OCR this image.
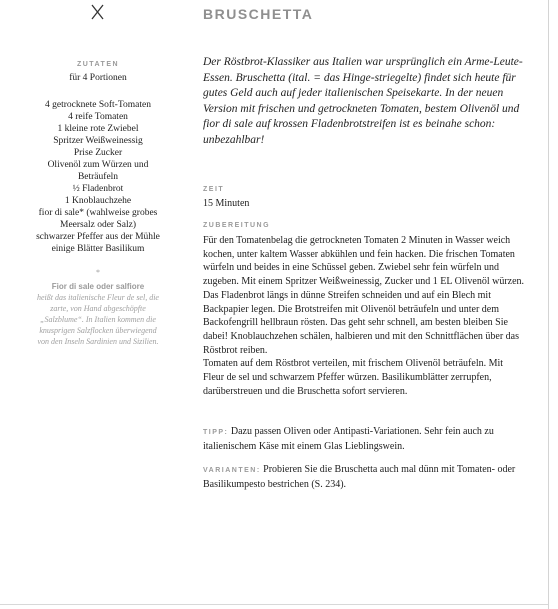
BRUSCHETTA
ZUTATEN
für 4 Portionen
4 getrocknete Soft-Tomaten
4 reife Tomaten
1 kleine rote Zwiebel
Spritzer Weißweinessig
Prise Zucker
Olivenöl zum Würzen und Beträufeln
½ Fladenbrot
1 Knoblauchzehe
fior di sale* (wahlweise grobes Meersalz oder Salz)
schwarzer Pfeffer aus der Mühle
einige Blätter Basilikum
*
Fior di sale oder salfiore
heißt das italienische Fleur de sel, die zarte, von Hand abgeschöpfte „Salzblume“. In Italien kommen die knusprigen Salzflocken überwiegend von den Inseln Sardinien und Sizilien.

Der Röstbrot-Klassiker aus Italien war ursprünglich ein Arme-Leute-Essen. Bruschetta (ital. = das Hinge-striegelte) findet sich heute für gutes Geld auch auf jeder italienischen Speisekarte. In der neuen Version mit frischen und getrockneten Tomaten, bestem Olivenöl und fior di sale auf krossen Fladenbrotstreifen ist es beinahe schon: unbezahlbar!

ZEIT
15 Minuten
ZUBEREITUNG

Für den Tomatenbelag die getrockneten Tomaten 2 Minuten in Wasser weich kochen, unter kaltem Wasser abkühlen und fein hacken. Die frischen Tomaten würfeln und beides in eine Schüssel geben. Zwiebel sehr fein würfeln und zugeben. Mit einem Spritzer Weißweinessig, Zucker und 1 EL Olivenöl würzen.

Das Fladenbrot längs in dünne Streifen schneiden und auf ein Blech mit Backpapier legen. Die Brotstreifen mit Olivenöl beträufeln und unter dem Backofengrill hellbraun rösten. Das geht sehr schnell, am besten bleiben Sie dabei! Knoblauchzehen schälen, halbieren und mit den Schnittflächen über das Röstbrot reiben.

Tomaten auf dem Röstbrot verteilen, mit frischem Olivenöl beträufeln. Mit Fleur de sel und schwarzem Pfeffer würzen. Basilikumblätter zerrupfen, darüberstreuen und die Bruschetta sofort servieren.

TIPP: Dazu passen Oliven oder Antipasti-Variationen. Sehr fein auch zu italienischem Käse mit einem Glas Lieblingswein.

VARIANTEN: Probieren Sie die Bruschetta auch mal dünn mit Tomaten- oder Basilikumpesto bestrichen (S. 234).
